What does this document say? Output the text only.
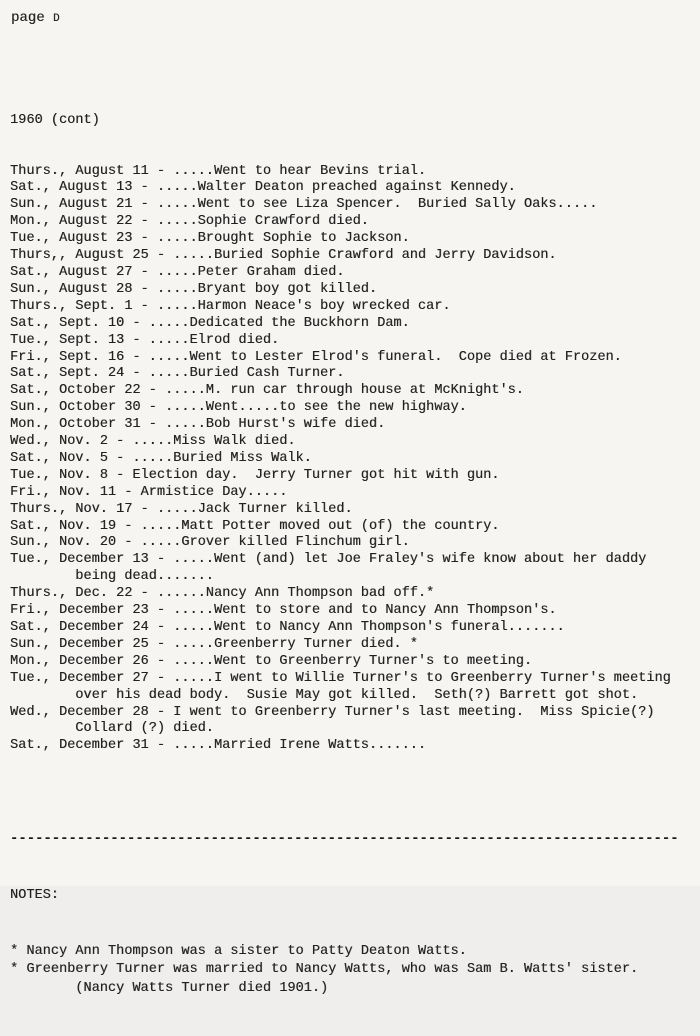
page D

1960 (cont)

Thurs., August 11 - .....Went to hear Bevins trial.
Sat., August 13 - .....Walter Deaton preached against Kennedy.
Sun., August 21 - .....Went to see Liza Spencer.  Buried Sally Oaks.....
Mon., August 22 - .....Sophie Crawford died.
Tue., August 23 - .....Brought Sophie to Jackson.
Thurs,, August 25 - .....Buried Sophie Crawford and Jerry Davidson.
Sat., August 27 - .....Peter Graham died.
Sun., August 28 - .....Bryant boy got killed.
Thurs., Sept. 1 - .....Harmon Neace's boy wrecked car.
Sat., Sept. 10 - .....Dedicated the Buckhorn Dam.
Tue., Sept. 13 - .....Elrod died.
Fri., Sept. 16 - .....Went to Lester Elrod's funeral.  Cope died at Frozen.
Sat., Sept. 24 - .....Buried Cash Turner.
Sat., October 22 - .....M. run car through house at McKnight's.
Sun., October 30 - .....Went.....to see the new highway.
Mon., October 31 - .....Bob Hurst's wife died.
Wed., Nov. 2 - .....Miss Walk died.
Sat., Nov. 5 - .....Buried Miss Walk.
Tue., Nov. 8 - Election day.  Jerry Turner got hit with gun.
Fri., Nov. 11 - Armistice Day.....
Thurs., Nov. 17 - .....Jack Turner killed.
Sat., Nov. 19 - .....Matt Potter moved out (of) the country.
Sun., Nov. 20 - .....Grover killed Flinchum girl.
Tue., December 13 - .....Went (and) let Joe Fraley's wife know about her daddy
being dead.......
Thurs., Dec. 22 - ......Nancy Ann Thompson bad off.*
Fri., December 23 - .....Went to store and to Nancy Ann Thompson's.
Sat., December 24 - .....Went to Nancy Ann Thompson's funeral.......
Sun., December 25 - .....Greenberry Turner died. *
Mon., December 26 - .....Went to Greenberry Turner's to meeting.
Tue., December 27 - .....I went to Willie Turner's to Greenberry Turner's meeting
over his dead body.  Susie May got killed.  Seth(?) Barrett got shot.
Wed., December 28 - I went to Greenberry Turner's last meeting.  Miss Spicie(?)
Collard (?) died.
Sat., December 31 - .....Married Irene Watts.......

--------------------------------------------------------------------------------

NOTES:

* Nancy Ann Thompson was a sister to Patty Deaton Watts.
* Greenberry Turner was married to Nancy Watts, who was Sam B. Watts' sister.
(Nancy Watts Turner died 1901.)
